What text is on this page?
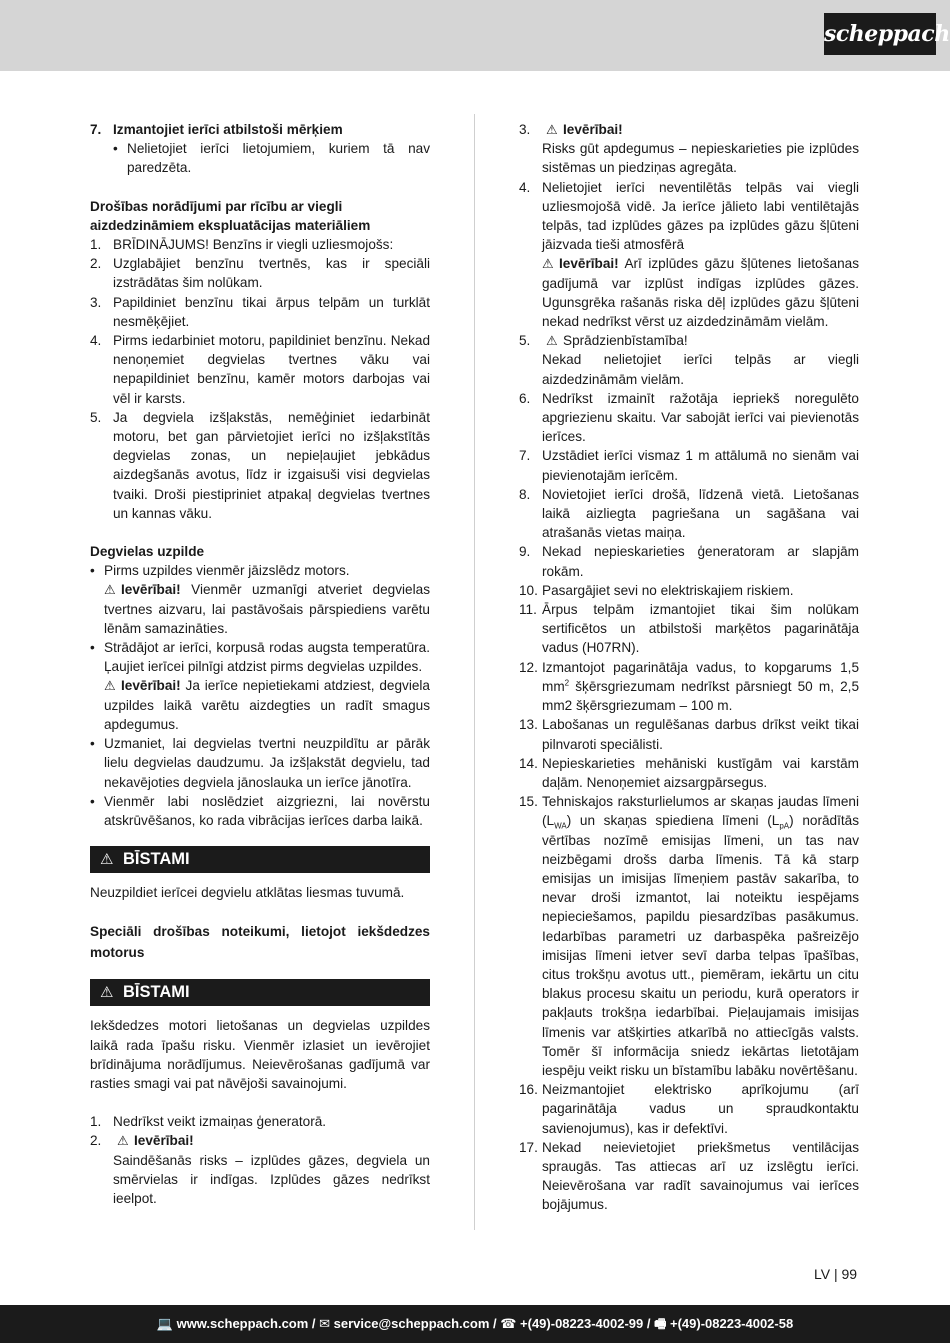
scheppach
7. Izmantojiet ierīci atbilstoši mērķiem
• Nelietojiet ierīci lietojumiem, kuriem tā nav paredzēta.
Drošības norādījumi par rīcību ar viegli aizdedzināmiem ekspluatācijas materiāliem
1. BRĪDINĀJUMS! Benzīns ir viegli uzliesmojošs:
2. Uzglabājiet benzīnu tvertnēs, kas ir speciāli izstrādātas šim nolūkam.
3. Papildiniet benzīnu tikai ārpus telpām un turklāt nesmēķējiet.
4. Pirms iedarbiniet motoru, papildiniet benzīnu. Nekad nenoņemiet degvielas tvertnes vāku vai nepapildiniet benzīnu, kamēr motors darbojas vai vēl ir karsts.
5. Ja degviela izšļakstās, nemēģiniet iedarbināt motoru, bet gan pārvietojiet ierīci no izšļakstītās degvielas zonas, un nepieļaujiet jebkādus aizdegšanās avotus, līdz ir izgaisuši visi degvielas tvaiki. Droši piestipriniet atpakaļ degvielas tvertnes un kannas vāku.
Degvielas uzpilde
• Pirms uzpildes vienmēr jāizslēdz motors.
⚠ Ievērībai! Vienmēr uzmanīgi atveriet degvielas tvertnes aizvaru, lai pastāvošais pārspiediens varētu lēnām samazināties.
• Strādājot ar ierīci, korpusā rodas augsta temperatūra. Ļaujiet ierīcei pilnīgi atdzist pirms degvielas uzpildes.
⚠ Ievērībai! Ja ierīce nepietiekami atdziest, degviela uzpildes laikā varētu aizdegties un radīt smagus apdegumus.
• Uzmaniet, lai degvielas tvertni neuzpildītu ar pārāk lielu degvielas daudzumu. Ja izšļakstāt degvielu, tad nekavējoties degviela jānoslauka un ierīce jānotīra.
• Vienmēr labi noslēdziet aizgriezni, lai novērstu atskrūvēšanos, ko rada vibrācijas ierīces darba laikā.
⚠ BĪSTAMI
Neuzpildiet ierīcei degvielu atklātas liesmas tuvumā.
Speciāli drošības noteikumi, lietojot iekšdedzes motorus
⚠ BĪSTAMI
Iekšdedzes motori lietošanas un degvielas uzpildes laikā rada īpašu risku. Vienmēr izlasiet un ievērojiet brīdinājuma norādījumus. Neievērošanas gadījumā var rasties smagi vai pat nāvējoši savainojumi.
1. Nedrīkst veikt izmaiņas ģeneratorā.
2.	⚠ Ievērībai!
Saindēšanās risks – izplūdes gāzes, degviela un smērvielas ir indīgas. Izplūdes gāzes nedrīkst ieelpot.
3.	⚠ Ievērībai!
Risks gūt apdegumus – nepieskarieties pie izplūdes sistēmas un piedziņas agregāta.
4. Nelietojiet ierīci neventilētās telpās vai viegli uzliesmojošā vidē. Ja ierīce jālieto labi ventilētajās telpās, tad izplūdes gāzes pa izplūdes gāzu šļūteni jāizvada tieši atmosfērā
⚠ Ievērībai! Arī izplūdes gāzu šļūtenes lietošanas gadījumā var izplūst indīgas izplūdes gāzes. Ugunsgrēka rašanās riska dēļ izplūdes gāzu šļūteni nekad nedrīkst vērst uz aizdedzināmām vielām.
5.	⚠ Sprādzienbīstamība!
Nekad nelietojiet ierīci telpās ar viegli aizdedzināmām vielām.
6. Nedrīkst izmainīt ražotāja iepriekš noregulēto apgriezienu skaitu. Var sabojāt ierīci vai pievienotās ierīces.
7. Uzstādiet ierīci vismaz 1 m attālumā no sienām vai pievienotajām ierīcēm.
8. Novietojiet ierīci drošā, līdzenā vietā. Lietošanas laikā aizliegta pagriešana un sagāšana vai atrašanās vietas maiņa.
9. Nekad nepieskarieties ģeneratoram ar slapjām rokām.
10. Pasargājiet sevi no elektriskajiem riskiem.
11. Ārpus telpām izmantojiet tikai šim nolūkam sertificētos un atbilstoši marķētos pagarinātāja vadus (H07RN).
12. Izmantojot pagarinātāja vadus, to kopgarums 1,5 $mm^2$ šķērsgriezumam nedrīkst pārsniegt 50 m, 2,5 mm2 šķērsgriezumam – 100 m.
13. Labošanas un regulēšanas darbus drīkst veikt tikai pilnvaroti speciālisti.
14. Nepieskarieties mehāniski kustīgām vai karstām daļām. Nenoņemiet aizsargpārsegus.
15. Tehniskajos raksturlielumos ar skaņas jaudas līmeni $(L_{WA})$ un skaņas spiediena līmeni $(L_{pA})$ norādītās vērtības nozīmē emisijas līmeni, un tas nav neizbēgami drošs darba līmenis. Tā kā starp emisijas un imisijas līmeņiem pastāv sakarība, to nevar droši izmantot, lai noteiktu iespējams nepieciešamos, papildu piesardzības pasākumus. Iedarbības parametri uz darbaspēka pašreizējo imisijas līmeni ietver sevī darba telpas īpašības, citus trokšņu avotus utt., piemēram, iekārtu un citu blakus procesu skaitu un periodu, kurā operators ir pakļauts trokšņa iedarbībai. Pieļaujamais imisijas līmenis var atšķirties atkarībā no attiecīgās valsts. Tomēr šī informācija sniedz iekārtas lietotājam iespēju veikt risku un bīstamību labāku novērtēšanu.
16. Neizmantojiet elektrisko aprīkojumu (arī pagarinātāja vadus un spraudkontaktu savienojumus), kas ir defektīvi.
17. Nekad neievietojiet priekšmetus ventilācijas spraugās. Tas attiecas arī uz izslēgtu ierīci. Neievērošana var radīt savainojumus vai ierīces bojājumus.
LV | 99
💻 www.scheppach.com / ✉ service@scheppach.com / ☎ +(49)-08223-4002-99 / 🖷 +(49)-08223-4002-58
